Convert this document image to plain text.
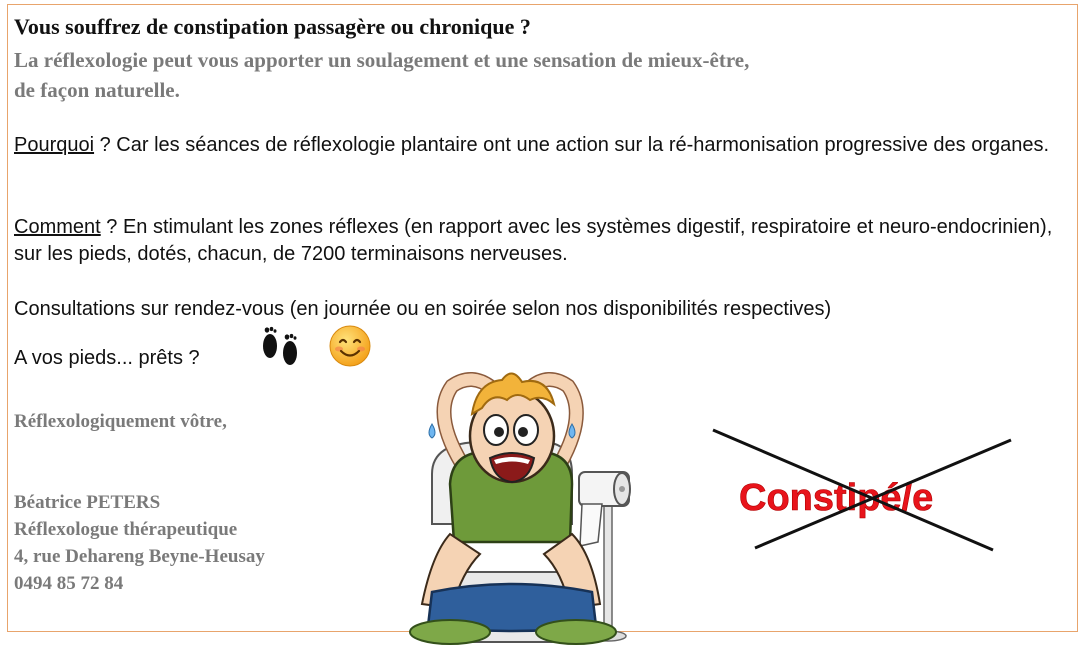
Vous souffrez de constipation passagère ou chronique ?
La réflexologie peut vous apporter un soulagement et une sensation de mieux-être,
de façon naturelle.
Pourquoi ? Car les séances de réflexologie plantaire ont une action sur la ré-harmonisation progressive des organes.
Comment ? En stimulant les zones réflexes (en rapport avec les systèmes digestif, respiratoire et neuro-endocrinien), sur les pieds, dotés, chacun, de 7200 terminaisons nerveuses.
Consultations sur rendez-vous (en journée ou en soirée selon nos disponibilités respectives)
A vos pieds... prêts ?
Réflexologiquement vôtre,
Béatrice PETERS
Réflexologue thérapeutique
4, rue Dehareng Beyne-Heusay
0494 85 72 84
Constipé/e
